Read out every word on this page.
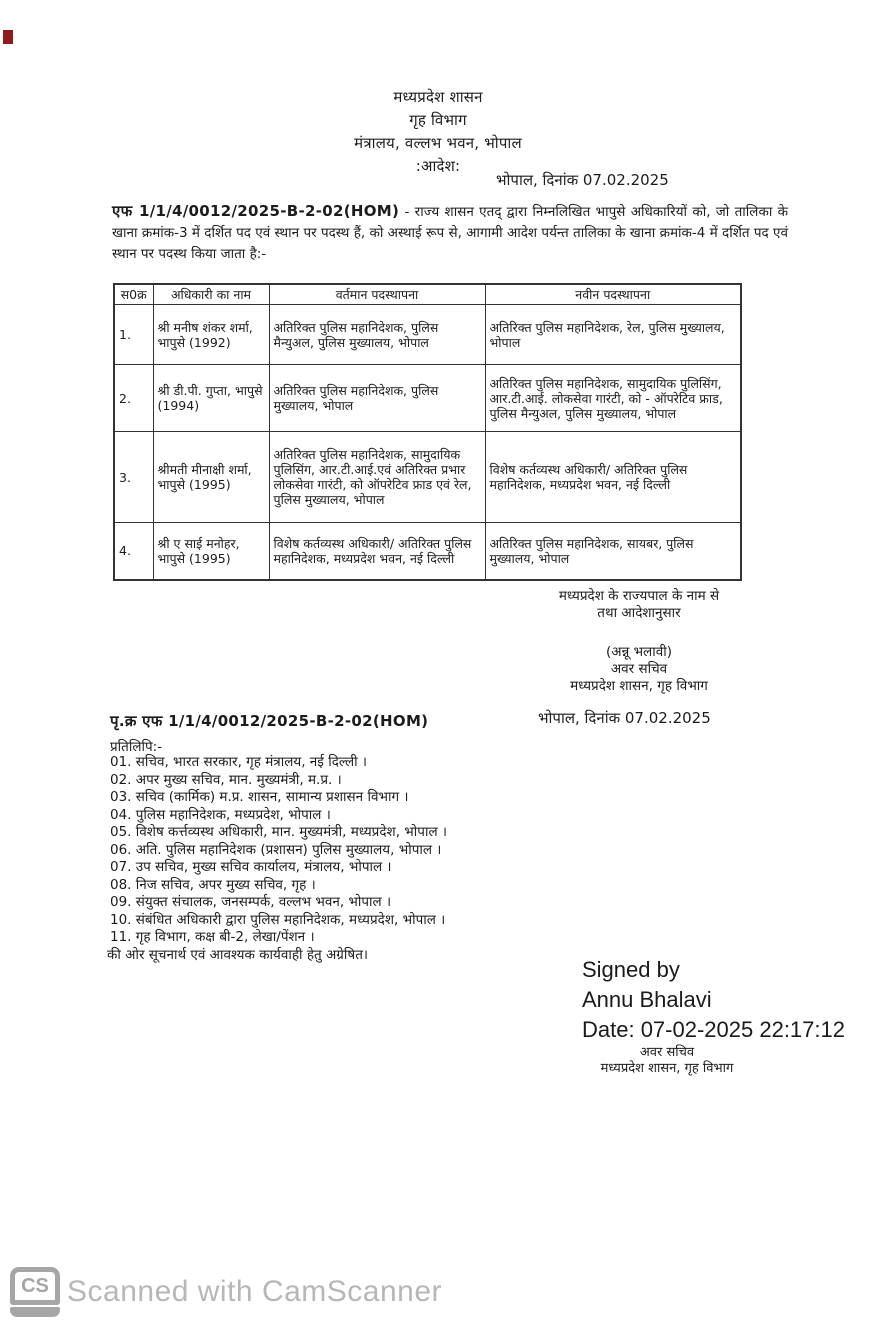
मध्यप्रदेश शासन
गृह विभाग
मंत्रालय, वल्लभ भवन, भोपाल
:आदेश:
भोपाल, दिनांक 07.02.2025
एफ 1/1/4/0012/2025-B-2-02(HOM) - राज्य शासन एतद् द्वारा निम्नलिखित भापुसे अधिकारियों को, जो तालिका के खाना क्रमांक-3 में दर्शित पद एवं स्थान पर पदस्थ हैं, को अस्थाई रूप से, आगामी आदेश पर्यन्त तालिका के खाना क्रमांक-4 में दर्शित पद एवं स्थान पर पदस्थ किया जाता है:-
स0क्र	अधिकारी का नाम	वर्तमान पदस्थापना	नवीन पदस्थापना
1.	श्री मनीष शंकर शर्मा, भापुसे (1992)	अतिरिक्त पुलिस महानिदेशक, पुलिस मैन्युअल, पुलिस मुख्यालय, भोपाल	अतिरिक्त पुलिस महानिदेशक, रेल, पुलिस मुख्यालय, भोपाल
2.	श्री डी.पी. गुप्ता, भापुसे (1994)	अतिरिक्त पुलिस महानिदेशक, पुलिस मुख्यालय, भोपाल	अतिरिक्त पुलिस महानिदेशक, सामुदायिक पुलिसिंग, आर.टी.आई. लोकसेवा गारंटी, को - ऑपरेटिव फ्राड, पुलिस मैन्युअल, पुलिस मुख्यालय, भोपाल
3.	श्रीमती मीनाक्षी शर्मा, भापुसे (1995)	अतिरिक्त पुलिस महानिदेशक, सामुदायिक पुलिसिंग, आर.टी.आई.एवं अतिरिक्त प्रभार लोकसेवा गारंटी, को ऑपरेटिव फ्राड एवं रेल, पुलिस मुख्यालय, भोपाल	विशेष कर्तव्यस्थ अधिकारी/ अतिरिक्त पुलिस महानिदेशक, मध्यप्रदेश भवन, नई दिल्ली
4.	श्री ए साई मनोहर, भापुसे (1995)	विशेष कर्तव्यस्थ अधिकारी/ अतिरिक्त पुलिस महानिदेशक, मध्यप्रदेश भवन, नई दिल्ली	अतिरिक्त पुलिस महानिदेशक, सायबर, पुलिस मुख्यालय, भोपाल
मध्यप्रदेश के राज्यपाल के नाम से
तथा आदेशानुसार
(अन्नू भलावी)
अवर सचिव
मध्यप्रदेश शासन, गृह विभाग
पृ.क्र एफ 1/1/4/0012/2025-B-2-02(HOM)	भोपाल, दिनांक 07.02.2025
प्रतिलिपि:-
01. सचिव, भारत सरकार, गृह मंत्रालय, नई दिल्ली ।
02. अपर मुख्य सचिव, मान. मुख्यमंत्री, म.प्र. ।
03. सचिव (कार्मिक) म.प्र. शासन, सामान्य प्रशासन विभाग ।
04. पुलिस महानिदेशक, मध्यप्रदेश, भोपाल ।
05. विशेष कर्त्तव्यस्थ अधिकारी, मान. मुख्यमंत्री, मध्यप्रदेश, भोपाल ।
06. अति. पुलिस महानिदेशक (प्रशासन) पुलिस मुख्यालय, भोपाल ।
07. उप सचिव, मुख्य सचिव कार्यालय, मंत्रालय, भोपाल ।
08. निज सचिव, अपर मुख्य सचिव, गृह ।
09. संयुक्त संचालक, जनसम्पर्क, वल्लभ भवन, भोपाल ।
10. संबंधित अधिकारी द्वारा पुलिस महानिदेशक, मध्यप्रदेश, भोपाल ।
11. गृह विभाग, कक्ष बी-2, लेखा/पेंशन ।
की ओर सूचनार्थ एवं आवश्यक कार्यवाही हेतु अग्रेषित।
Signed by
Annu Bhalavi
Date: 07-02-2025 22:17:12
अवर सचिव
मध्यप्रदेश शासन, गृह विभाग
CS Scanned with CamScanner
